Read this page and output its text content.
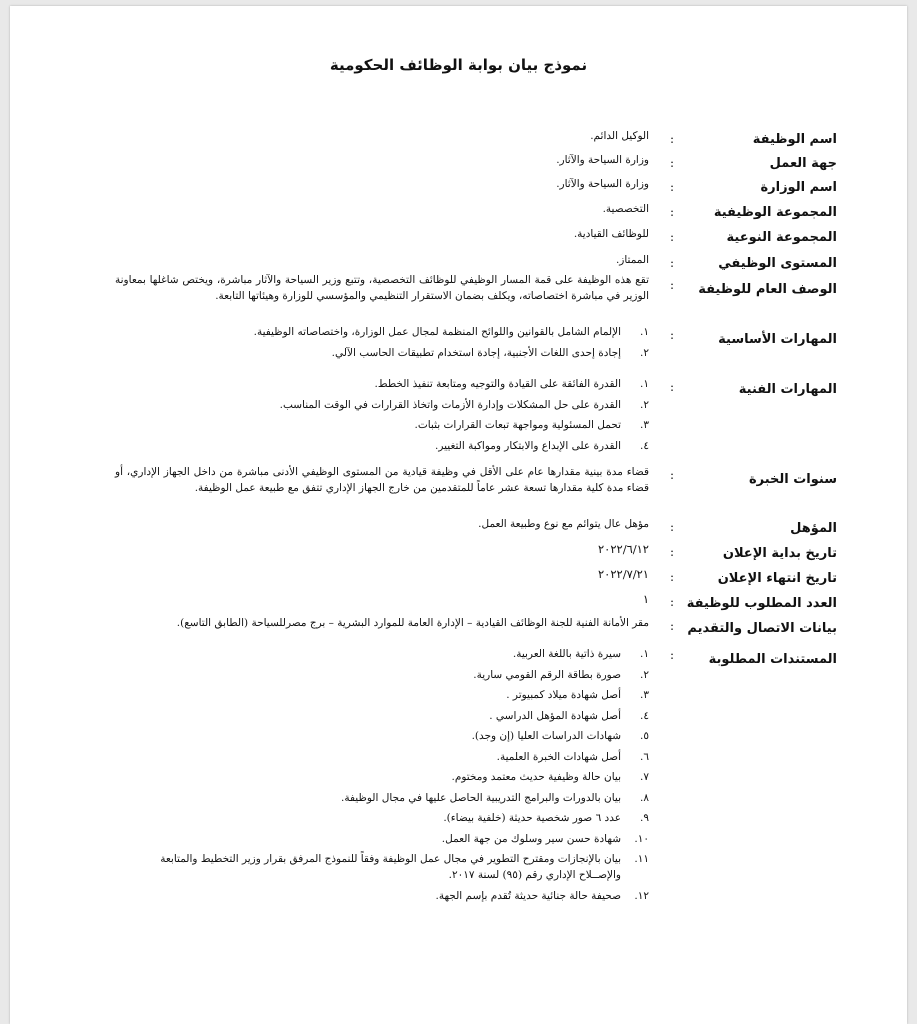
نموذج بيان بوابة الوظائف الحكومية
اسم الوظيفة
:
الوكيل الدائم.
جهة العمل
:
وزارة السياحة والآثار.
اسم الوزارة
:
وزارة السياحة والآثار.
المجموعة الوظيفية
:
التخصصية.
المجموعة النوعية
:
للوظائف القيادية.
المستوى الوظيفي
:
الممتاز.
الوصف العام للوظيفة
:
تقع هذه الوظيفة على قمة المسار الوظيفي للوظائف التخصصية، وتتبع وزير السياحة والآثار مباشرة، ويختص شاغلها بمعاونة الوزير في مباشرة اختصاصاته، ويكلف بضمان الاستقرار التنظيمي والمؤسسي للوزارة وهيئاتها التابعة.
المهارات الأساسية
:
١.
الإلمام الشامل بالقوانين واللوائح المنظمة لمجال عمل الوزارة، واختصاصاته الوظيفية.
٢.
إجادة إحدى اللغات الأجنبية، إجادة استخدام تطبيقات الحاسب الآلي.
المهارات الفنية
:
١.
القدرة الفائقة على القيادة والتوجيه ومتابعة تنفيذ الخطط.
٢.
القدرة على حل المشكلات وإدارة الأزمات واتخاذ القرارات في الوقت المناسب.
٣.
تحمل المسئولية ومواجهة تبعات القرارات بثبات.
٤.
القدرة على الإبداع والابتكار ومواكبة التغيير.
سنوات الخبرة
:
قضاء مدة بينية مقدارها عام على الأقل في وظيفة قيادية من المستوى الوظيفي الأدنى مباشرة من داخل الجهاز الإداري، أو قضاء مدة كلية مقدارها تسعة عشر عاماً للمتقدمين من خارج الجهاز الإداري تتفق مع طبيعة عمل الوظيفة.
المؤهل
:
مؤهل عال يتوائم مع نوع وطبيعة العمل.
تاريخ بداية الإعلان
:
٢٠٢٢/٦/١٢
تاريخ انتهاء الإعلان
:
٢٠٢٢/٧/٢١
العدد المطلوب للوظيفة
:
١
بيانات الاتصال والتقديم
:
مقر الأمانة الفنية للجنة الوظائف القيادية – الإدارة العامة للموارد البشرية – برج مصرللسياحة (الطابق التاسع).
المستندات المطلوبة
:
١.
سيرة ذاتية باللغة العربية.
٢.
صورة بطاقة الرقم القومي سارية.
٣.
أصل شهادة ميلاد كمبيوتر .
٤.
أصل شهادة المؤهل الدراسي .
٥.
شهادات الدراسات العليا (إن وجد).
٦.
أصل شهادات الخبرة العلمية.
٧.
بيان حالة وظيفية حديث معتمد ومختوم.
٨.
بيان بالدورات والبرامج التدريبية الحاصل عليها في مجال الوظيفة.
٩.
عدد ٦ صور شخصية حديثة (خلفية بيضاء).
١٠.
شهادة حسن سير وسلوك من جهة العمل.
١١.
بيان بالإنجازات ومقترح التطوير في مجال عمل الوظيفة وفقاً للنموذج المرفق بقرار وزير التخطيط والمتابعة والإصــلاح الإداري رقم (٩٥) لسنة ٢٠١٧.
١٢.
صحيفة حالة جنائية حديثة تُقدم بإسم الجهة.
